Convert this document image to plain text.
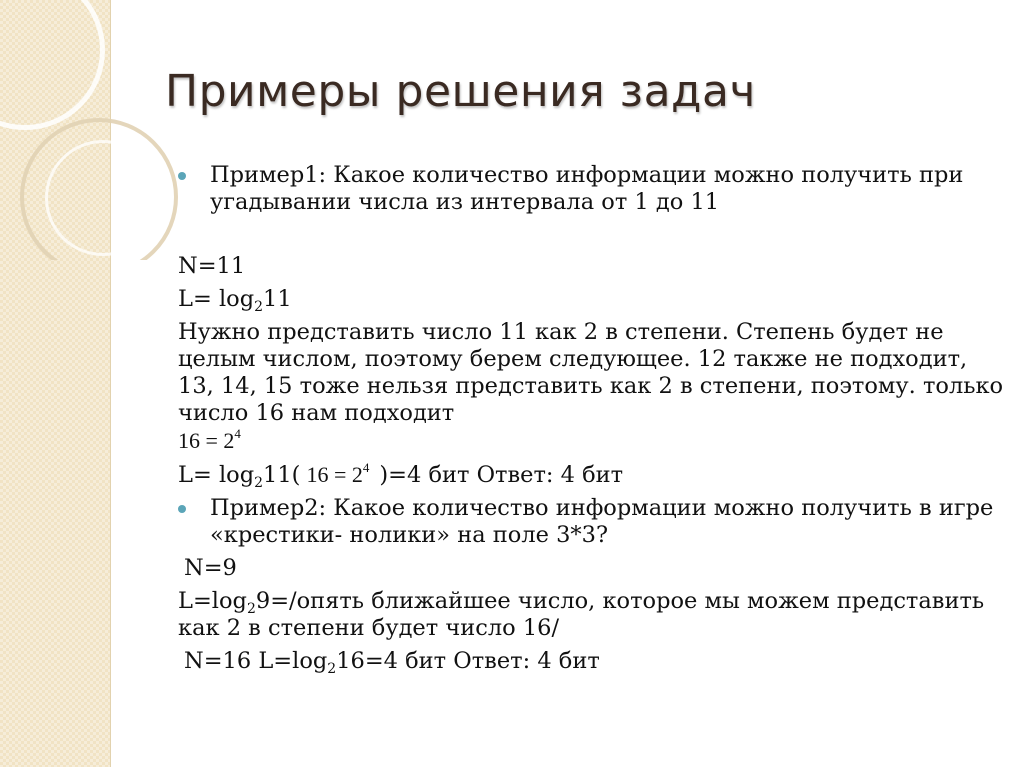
Примеры решения задач

Пример1: Какое количество информации можно получить при угадывании числа из интервала от 1 до 11

N=11

$L= \log_211$

Нужно представить число 11 как 2 в степени. Степень будет не целым числом, поэтому берем следующее. 12 также не подходит, 13, 14, 15 тоже нельзя представить как 2 в степени, поэтому. только число 16 нам подходит

$16 = 2^4$

$L= \log_211$( $16 = 2^4$ )=4 бит Ответ: 4 бит

Пример2: Какое количество информации можно получить в игре «крестики- нолики» на поле 3*3?

N=9

$L=\log_29=$/опять ближайшее число, которое мы можем представить как 2 в степени будет число 16/

N=16 $L=\log_216=4$ бит Ответ: 4 бит
